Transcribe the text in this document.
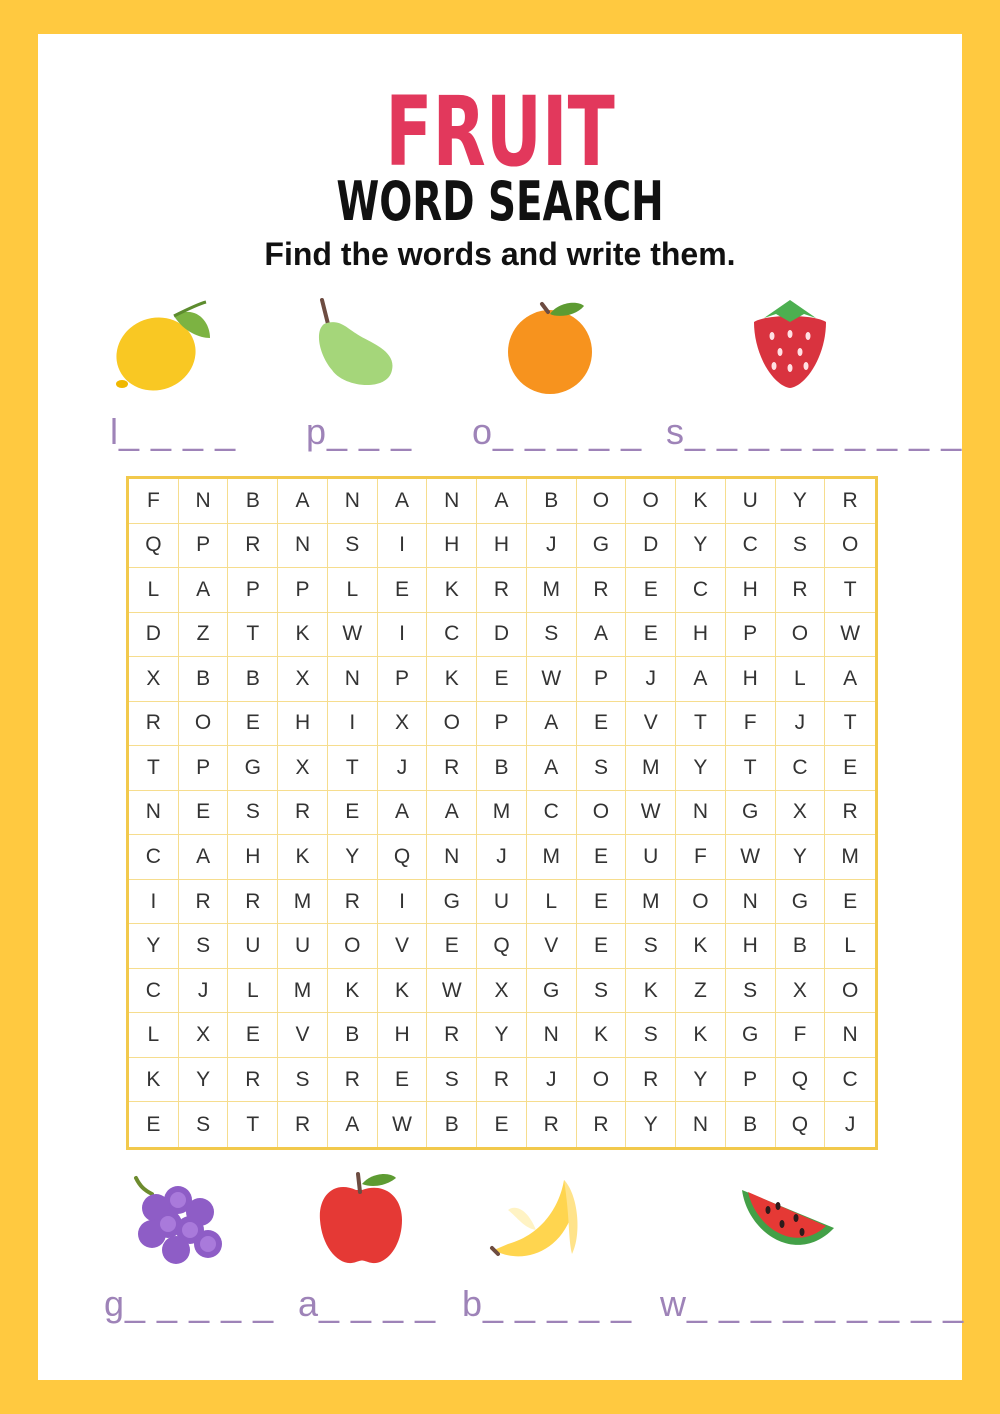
FRUIT
WORD SEARCH
Find the words and write them.
l_ _ _ _ p_ _ _ o_ _ _ _ _ s_ _ _ _ _ _ _ _ _
F	N	B	A	N	A	N	A	B	O	O	K	U	Y	R
Q	P	R	N	S	I	H	H	J	G	D	Y	C	S	O
L	A	P	P	L	E	K	R	M	R	E	C	H	R	T
D	Z	T	K	W	I	C	D	S	A	E	H	P	O	W
X	B	B	X	N	P	K	E	W	P	J	A	H	L	A
R	O	E	H	I	X	O	P	A	E	V	T	F	J	T
T	P	G	X	T	J	R	B	A	S	M	Y	T	C	E
N	E	S	R	E	A	A	M	C	O	W	N	G	X	R
C	A	H	K	Y	Q	N	J	M	E	U	F	W	Y	M
I	R	R	M	R	I	G	U	L	E	M	O	N	G	E
Y	S	U	U	O	V	E	Q	V	E	S	K	H	B	L
C	J	L	M	K	K	W	X	G	S	K	Z	S	X	O
L	X	E	V	B	H	R	Y	N	K	S	K	G	F	N
K	Y	R	S	R	E	S	R	J	O	R	Y	P	Q	C
E	S	T	R	A	W	B	E	R	R	Y	N	B	Q	J
g_ _ _ _ _ a_ _ _ _ b_ _ _ _ _ w_ _ _ _ _ _ _ _ _
